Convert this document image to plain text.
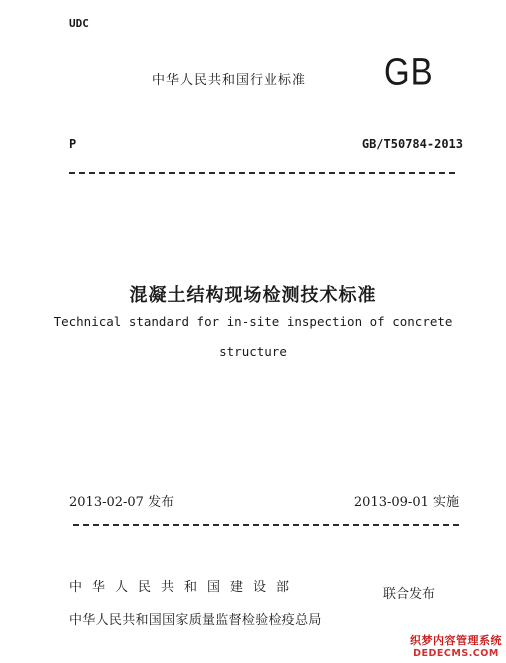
UDC
中华人民共和国行业标准 GB
P	GB/T50784-2013
混凝土结构现场检测技术标准
Technical standard for in-site inspection of concrete
structure
2013-02-07 发布	2013-09-01 实施
中华人民共和国建设部
中华人民共和国国家质量监督检验检疫总局
联合发布
织梦内容管理系统
DEDECMS.COM
